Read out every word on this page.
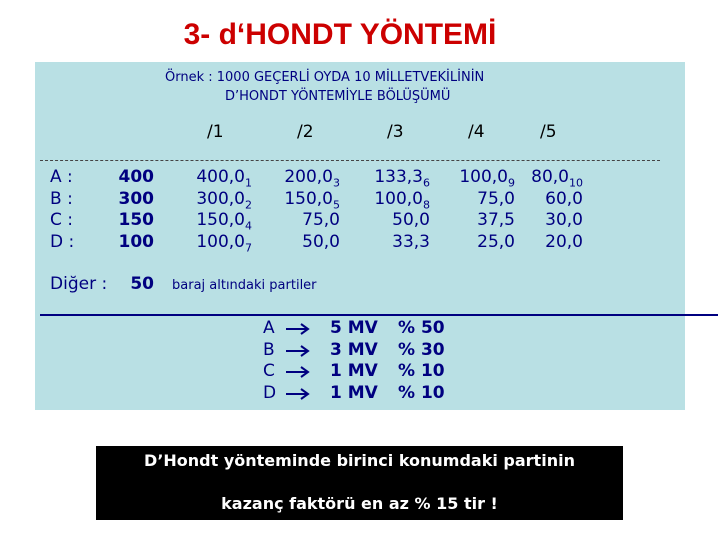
3- d‘HONDT YÖNTEMİ
Örnek : 1000 GEÇERLİ OYDA 10 MİLLETVEKİLİNİN
D’HONDT YÖNTEMİYLE BÖLÜŞÜMÜ
/1	/2	/3	/4	/5
A :	400 $400,0_1$ $200,0_3$ $133,3_6$ $100,0_9$ $80,0_{10}$
B :	300 $300,0_2$ $150,0_5$ $100,0_8$	75,0 60,0
C :	150 $150,0_4$	75,0	50,0	37,5 30,0
D :	100 $100,0_7$	50,0	33,3	25,0 20,0
Diğer :	50 baraj altındaki partiler
A	5 MV % 50
B	3 MV % 30
C	1 MV % 10
D	1 MV % 10
D’Hondt yönteminde birinci konumdaki partinin
kazanç faktörü en az % 15 tir !
